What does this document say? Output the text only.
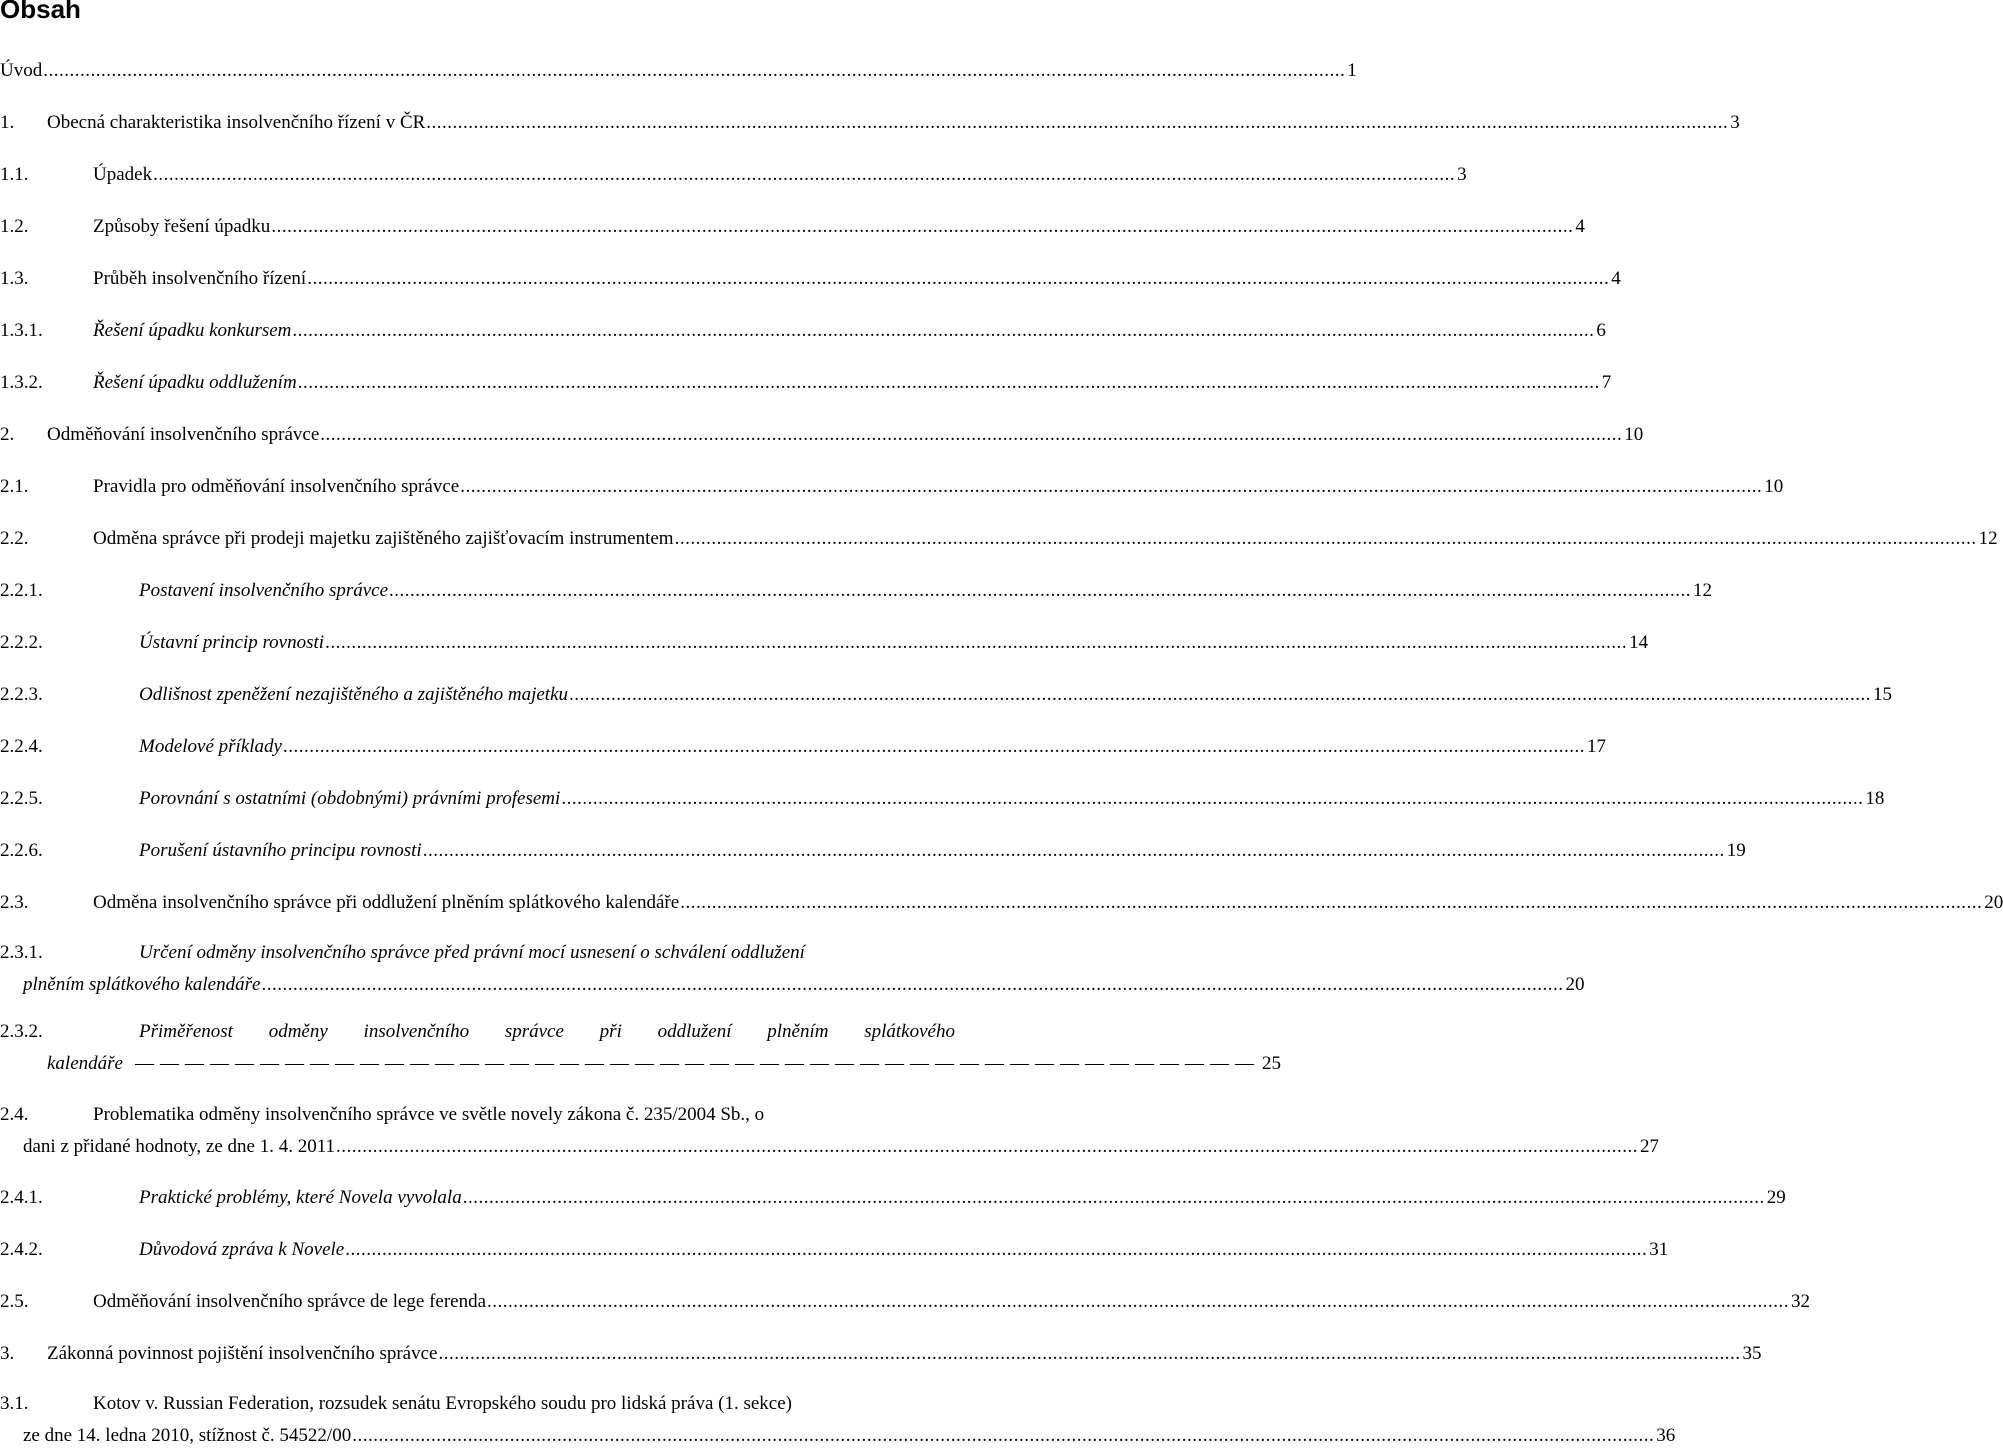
Obsah
Úvod .....	1
1.	Obecná charakteristika insolvenčního řízení v ČR .....	3
1.1.	Úpadek .....	3
1.2.	Způsoby řešení úpadku .....	4
1.3.	Průběh insolvenčního řízení .....	4
1.3.1.	Řešení úpadku konkursem .....	6
1.3.2.	Řešení úpadku oddlužením .....	7
2.	Odměňování insolvenčního správce .....	10
2.1.	Pravidla pro odměňování insolvenčního správce .....	10
2.2.	Odměna správce při prodeji majetku zajištěného zajišťovacím instrumentem .....	12
2.2.1.	Postavení insolvenčního správce .....	12
2.2.2.	Ústavní princip rovnosti .....	14
2.2.3.	Odlišnost zpeněžení nezajištěného a zajištěného majetku .....	15
2.2.4.	Modelové příklady .....	17
2.2.5.	Porovnání s ostatními (obdobnými) právními profesemi .....	18
2.2.6.	Porušení ústavního principu rovnosti .....	19
2.3.	Odměna insolvenčního správce při oddlužení plněním splátkového kalendáře .....	20
2.3.1.	Určení odměny insolvenčního správce před právní mocí usnesení o schválení oddlužení
plněním splátkového kalendáře .....	20
2.3.2.	Přiměřenost odměny insolvenčního správce při oddlužení plněním splátkového
kalendáře —————	25
2.4.	Problematika odměny insolvenčního správce ve světle novely zákona č. 235/2004 Sb., o
dani z přidané hodnoty, ze dne 1. 4. 2011 .....	27
2.4.1.	Praktické problémy, které Novela vyvolala .....	29
2.4.2.	Důvodová zpráva k Novele .....	31
2.5.	Odměňování insolvenčního správce de lege ferenda .....	32
3.	Zákonná povinnost pojištění insolvenčního správce .....	35
3.1.	Kotov v. Russian Federation, rozsudek senátu Evropského soudu pro lidská práva (1. sekce)
ze dne 14. ledna 2010, stížnost č. 54522/00 .....	36
